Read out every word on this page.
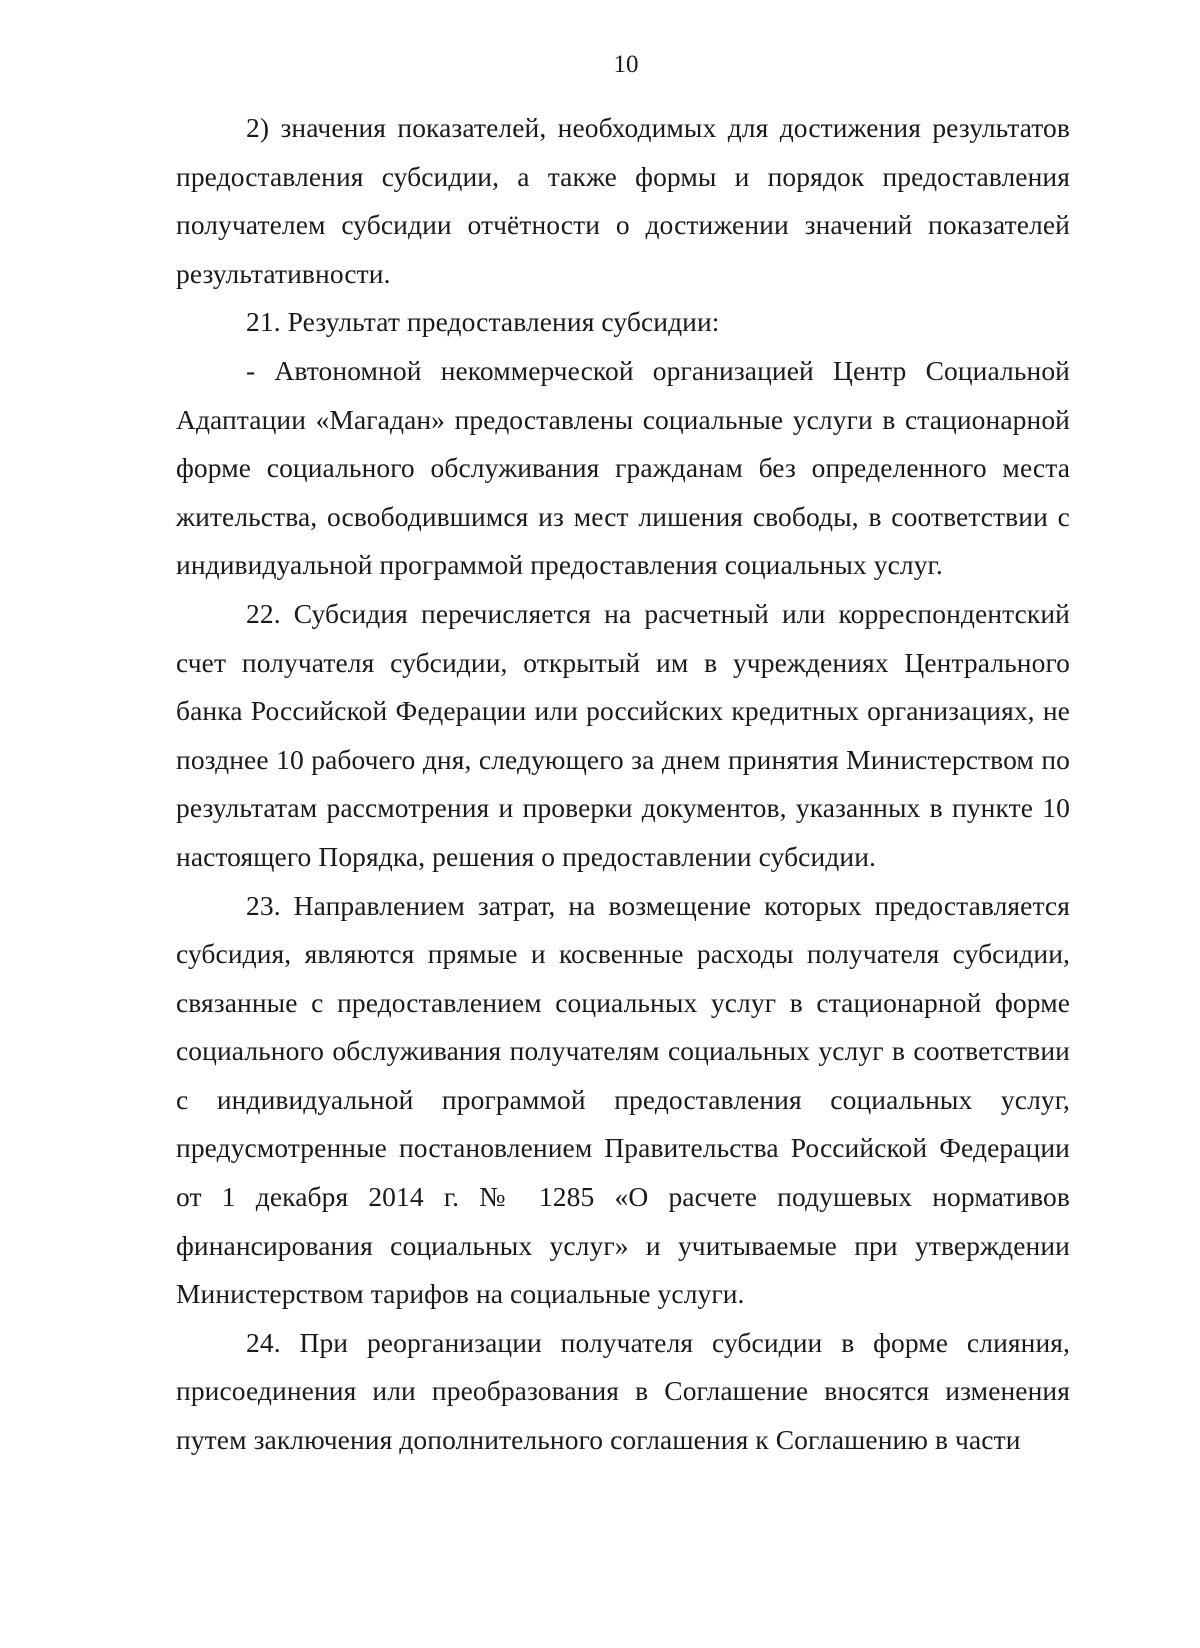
10

2) значения показателей, необходимых для достижения результатов предоставления субсидии, а также формы и порядок предоставления получателем субсидии отчётности о достижении значений показателей результативности.

21. Результат предоставления субсидии:

- Автономной некоммерческой организацией Центр Социальной Адаптации «Магадан» предоставлены социальные услуги в стационарной форме социального обслуживания гражданам без определенного места жительства, освободившимся из мест лишения свободы, в соответствии с индивидуальной программой предоставления социальных услуг.

22. Субсидия перечисляется на расчетный или корреспондентский счет получателя субсидии, открытый им в учреждениях Центрального банка Российской Федерации или российских кредитных организациях, не позднее 10 рабочего дня, следующего за днем принятия Министерством по результатам рассмотрения и проверки документов, указанных в пункте 10 настоящего Порядка, решения о предоставлении субсидии.

23. Направлением затрат, на возмещение которых предоставляется субсидия, являются прямые и косвенные расходы получателя субсидии, связанные с предоставлением социальных услуг в стационарной форме социального обслуживания получателям социальных услуг в соответствии с индивидуальной программой предоставления социальных услуг, предусмотренные постановлением Правительства Российской Федерации от 1 декабря 2014 г. № 1285 «О расчете подушевых нормативов финансирования социальных услуг» и учитываемые при утверждении Министерством тарифов на социальные услуги.

24. При реорганизации получателя субсидии в форме слияния, присоединения или преобразования в Соглашение вносятся изменения путем заключения дополнительного соглашения к Соглашению в части
